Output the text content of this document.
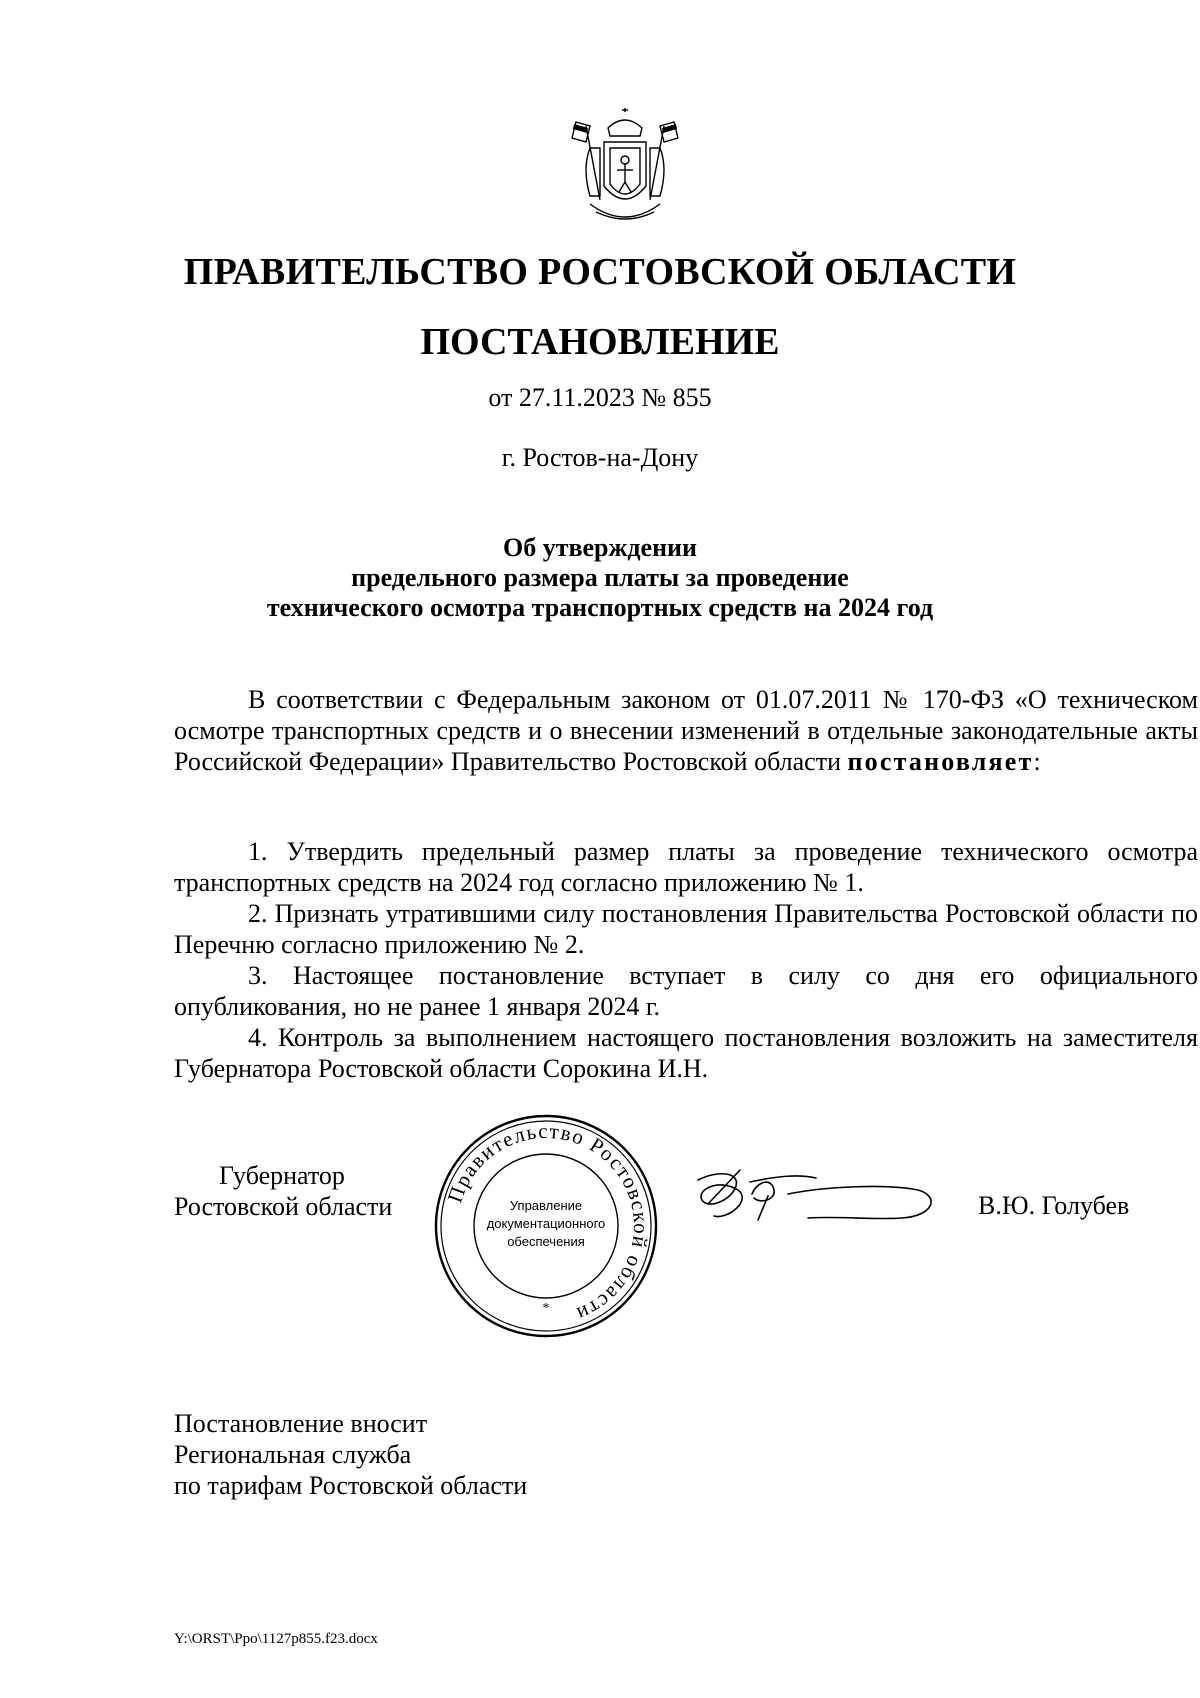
ПРАВИТЕЛЬСТВО РОСТОВСКОЙ ОБЛАСТИ
ПОСТАНОВЛЕНИЕ
от 27.11.2023 № 855
г. Ростов-на-Дону
Об утверждении
предельного размера платы за проведение
технического осмотра транспортных средств на 2024 год

В соответствии с Федеральным законом от 01.07.2011 № 170-ФЗ «О техническом осмотре транспортных средств и о внесении изменений в отдельные законодательные акты Российской Федерации» Правительство Ростовской области постановляет:

1. Утвердить предельный размер платы за проведение технического осмотра транспортных средств на 2024 год согласно приложению № 1.

2. Признать утратившими силу постановления Правительства Ростовской области по Перечню согласно приложению № 2.

3. Настоящее постановление вступает в силу со дня его официального опубликования, но не ранее 1 января 2024 г.

4. Контроль за выполнением настоящего постановления возложить на заместителя Губернатора Ростовской области Сорокина И.Н.

Губернатор
Ростовской области Правительство Ростовской области
Управление
документационного
обеспечения
*
В.Ю. Голубев
Постановление вносит
Региональная служба
по тарифам Ростовской области
Y:\ORST\Ppo\1127p855.f23.docx
